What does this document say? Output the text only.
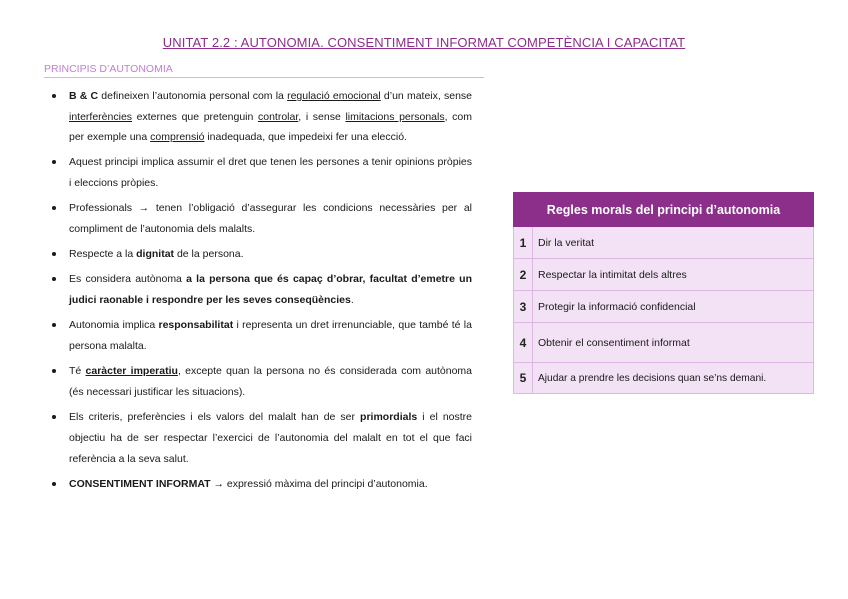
UNITAT 2.2 : AUTONOMIA. CONSENTIMENT INFORMAT COMPETÈNCIA I CAPACITAT
PRINCIPIS D’AUTONOMIA
B & C defineixen l’autonomia personal com la regulació emocional d’un mateix, sense interferències externes que pretenguin controlar, i sense limitacions personals, com per exemple una comprensió inadequada, que impedeixi fer una elecció.
Aquest principi implica assumir el dret que tenen les persones a tenir opinions pròpies i eleccions pròpies.
Professionals → tenen l’obligació d’assegurar les condicions necessàries per al compliment de l’autonomia dels malalts.
Respecte a la dignitat de la persona.
Es considera autònoma a la persona que és capaç d’obrar, facultat d’emetre un judici raonable i respondre per les seves conseqüències.
Autonomia implica responsabilitat i representa un dret irrenunciable, que també té la persona malalta.
Té caràcter imperatiu, excepte quan la persona no és considerada com autònoma (és necessari justificar les situacions).
Els criteris, preferències i els valors del malalt han de ser primordials i el nostre objectiu ha de ser respectar l’exercici de l’autonomia del malalt en tot el que faci referència a la seva salut.
CONSENTIMENT INFORMAT → expressió màxima del principi d’autonomia.
Regles morals del principi d’autonomia	
1	Dir la veritat
2	Respectar la intimitat dels altres
3	Protegir la informació confidencial
4	Obtenir el consentiment informat
5	Ajudar a prendre les decisions quan se’ns demani.
